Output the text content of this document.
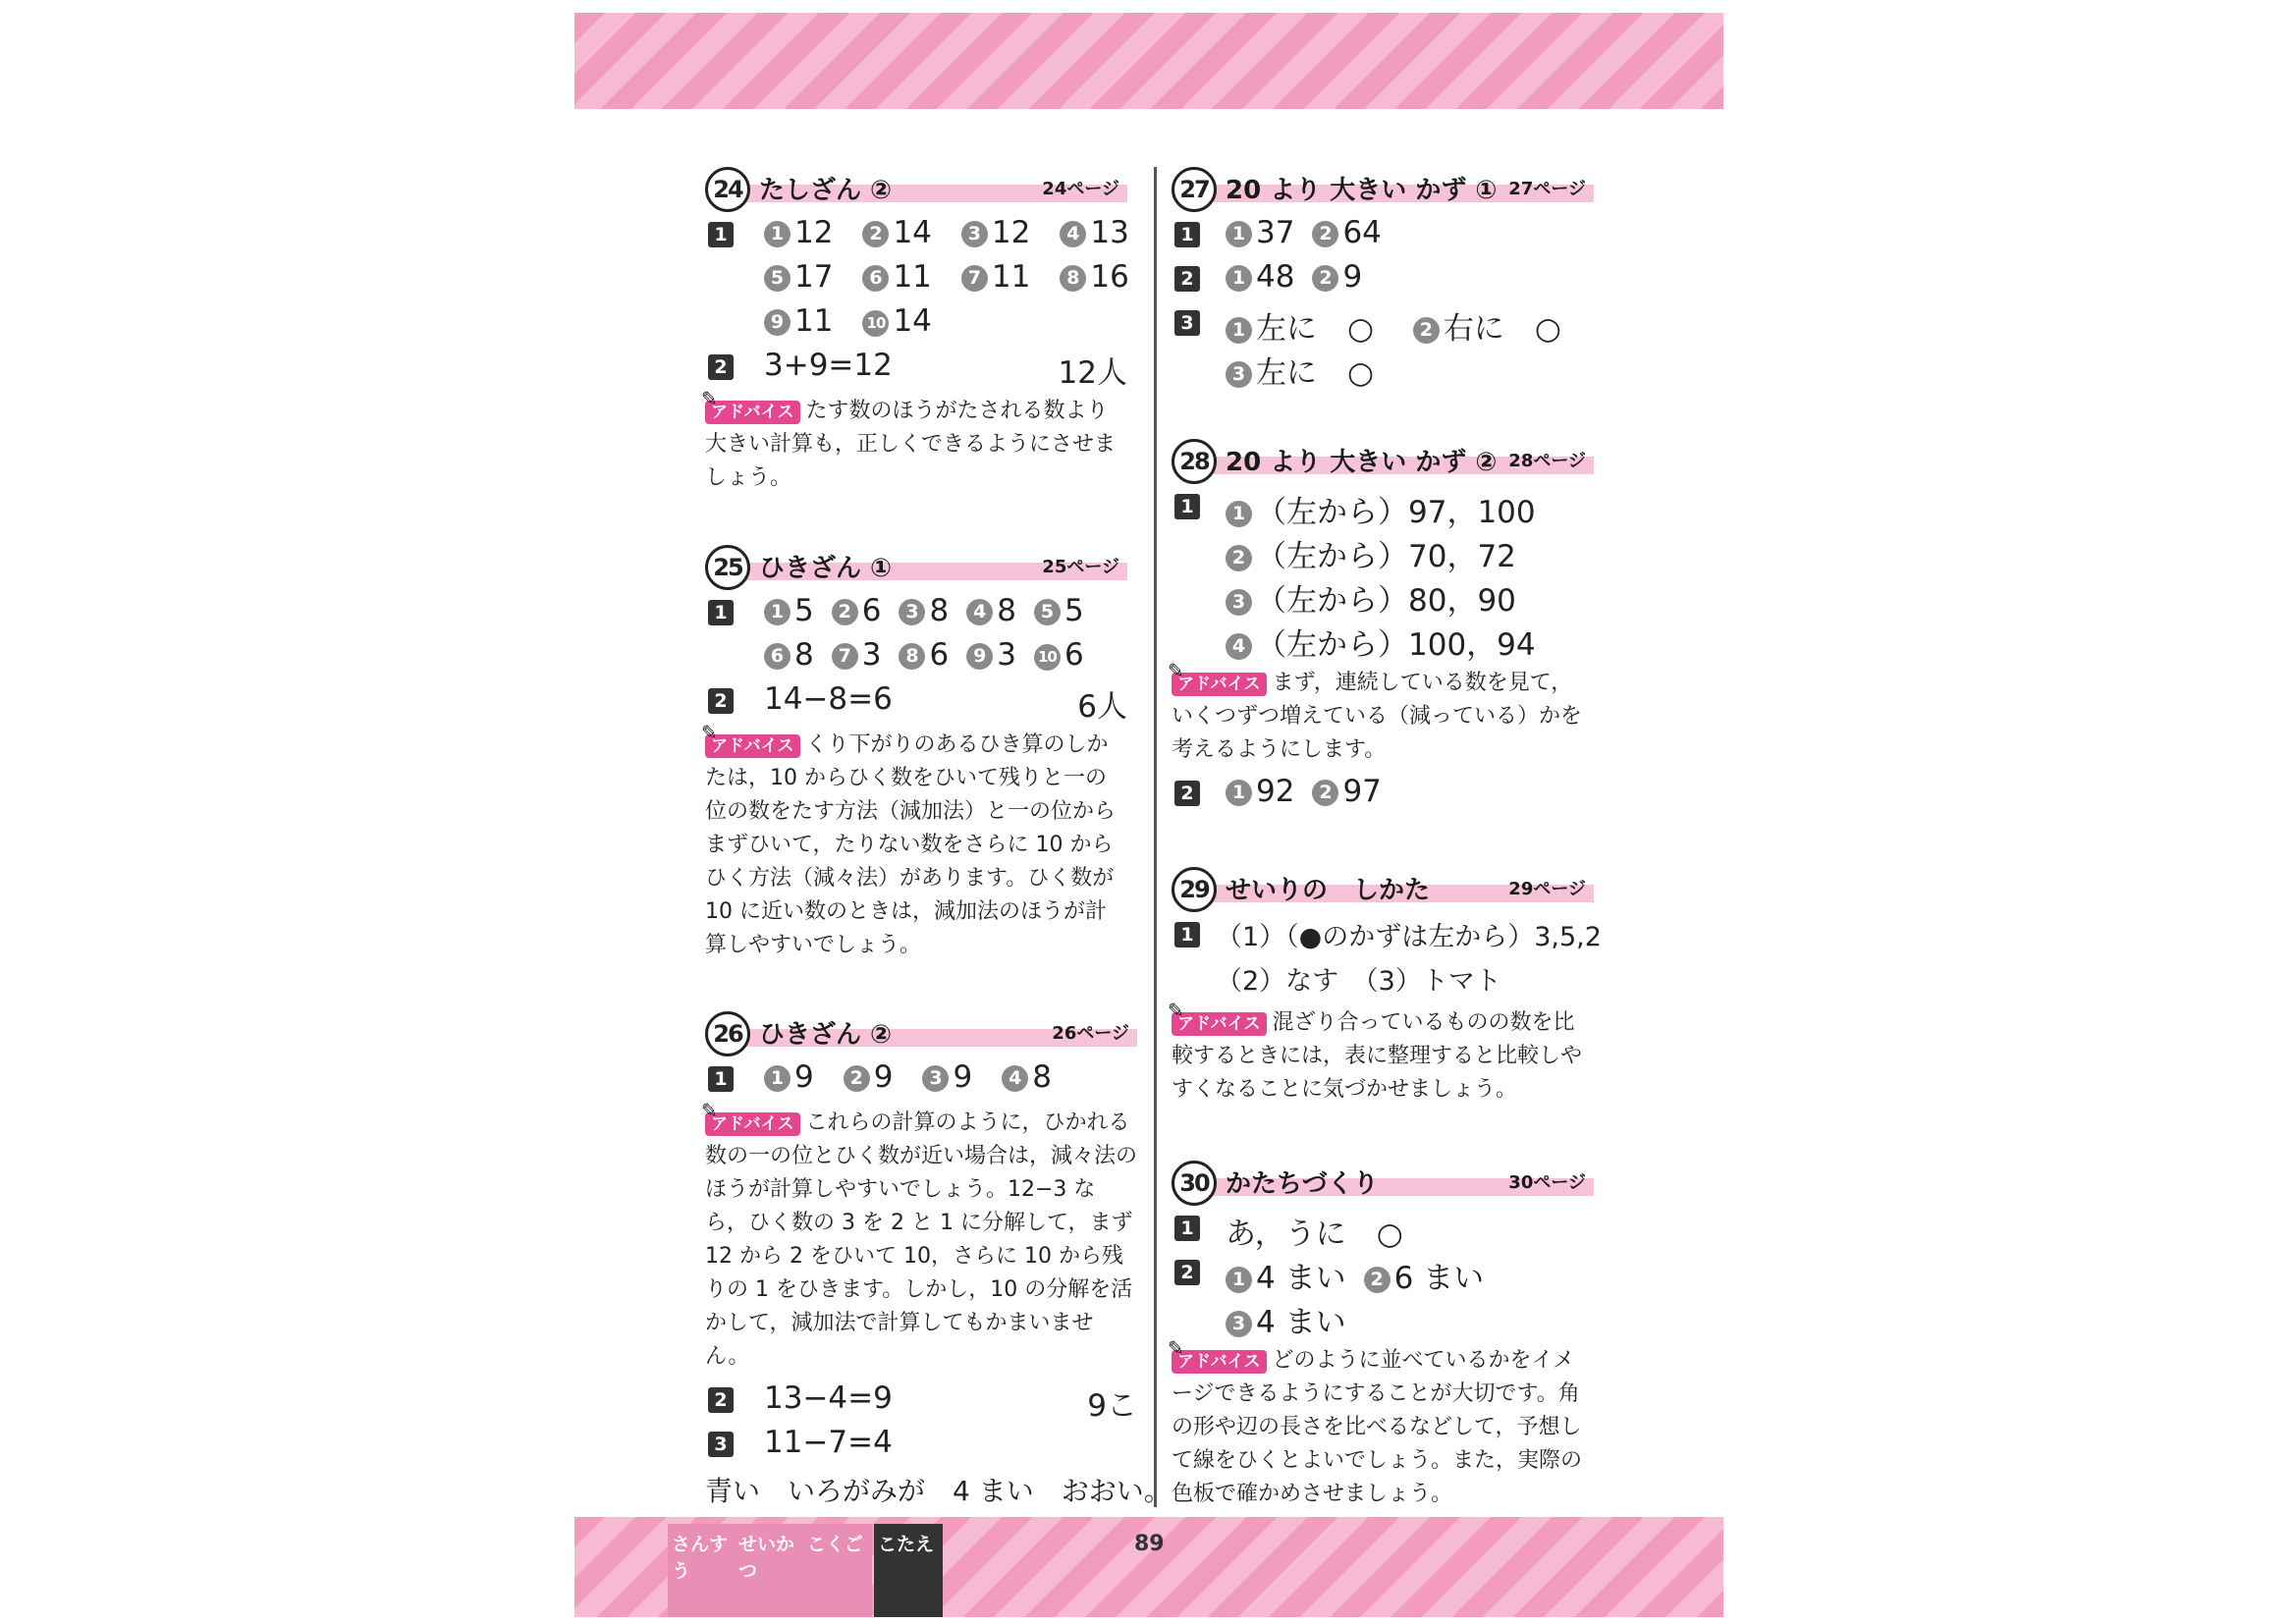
24 たしざん ②	24ページ
1	1 12 2 14 3 12 4 13
5 17 6 11 7 11 8 16
9 11 10 14
2 3+9=12	12人
✎ アドバイス たす数のほうがたされる数より大きい計算も，正しくできるようにさせましょう。
25 ひきざん ①	25ページ
1	1 5 2 6 3 8 4 8 5 5
6 8 7 3 8 6 9 3 10 6
2 14−8=6	6人
✎ アドバイス くり下がりのあるひき算のしかたは，10 からひく数をひいて残りと一の位の数をたす方法（減加法）と一の位からまずひいて，たりない数をさらに 10 からひく方法（減々法）があります。ひく数が 10 に近い数のときは，減加法のほうが計算しやすいでしょう。
26 ひきざん ②	26ページ
1	1 9 2 9 3 9 4 8
✎ アドバイス これらの計算のように，ひかれる数の一の位とひく数が近い場合は，減々法のほうが計算しやすいでしょう。12−3 なら，ひく数の 3 を 2 と 1 に分解して，まず 12 から 2 をひいて 10，さらに 10 から残りの 1 をひきます。しかし，10 の分解を活かして，減加法で計算してもかまいません。
2 13−4=9	9こ
3 11−7=4
青い　いろがみが　4 まい　おおい。
27 20 より 大きい かず ① 27ページ
1	1 37 2 64
2	1 48 2 9
3	1 左に　○ 2 右に　○
3 左に　○
28 20 より 大きい かず ② 28ページ
1	1 （左から）97，100
2 （左から）70，72
3 （左から）80，90
4 （左から）100，94
✎ アドバイス まず，連続している数を見て，いくつずつ増えている（減っている）かを考えるようにします。
2	1 92 2 97
29 せいりの　しかた	29ページ
1 （1）（●のかずは左から）3,5,2
（2）なす　（3）トマト
✎ アドバイス 混ざり合っているものの数を比較するときには，表に整理すると比較しやすくなることに気づかせましょう。
30 かたちづくり	30ページ
1 あ，うに　○
2	1 4 まい 2 6 まい
3 4 まい
✎ アドバイス どのように並べているかをイメージできるようにすることが大切です。角の形や辺の長さを比べるなどして，予想して線をひくとよいでしょう。また，実際の色板で確かめさせましょう。
さんすう
せいかつ
こくご こたえ	89
